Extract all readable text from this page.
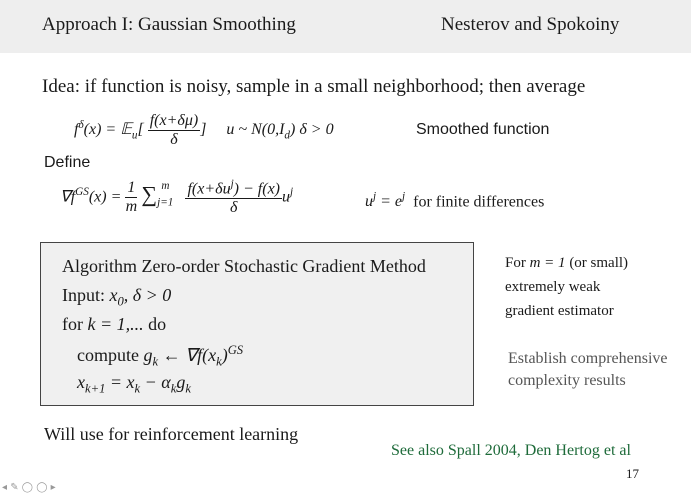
Approach I: Gaussian Smoothing	Nesterov and Spokoiny
Idea: if function is noisy, sample in a small neighborhood; then average
$f^\delta(x)$ = 𝔼$_u$[ $\frac{f(x+\delta\mu)}{\delta}$ ]     u ~ $N(0,I_d) \delta > 0$	Smoothed function
Define
$\nabla f^{GS}(x) = \frac{1}{m} \sum_{j=1}^m \frac{f(x+\delta u^j) - f(x)}{\delta} u^j$
$u^j = e^j$ for finite differences
Algorithm Zero-order Stochastic Gradient Method
Input: $x_0$, δ > 0
for k = 1,... do
compute $g_k$ ← $\nabla f(x_k)^{GS}$
$x_{k+1} = x_k - \alpha_kg_k$
For m = 1 (or small)
extremely weak
gradient estimator
Establish comprehensive
complexity results
Will use for reinforcement learning
See also Spall 2004, Den Hertog et al
17
◂ ✎ ◯ ◯ ▸
